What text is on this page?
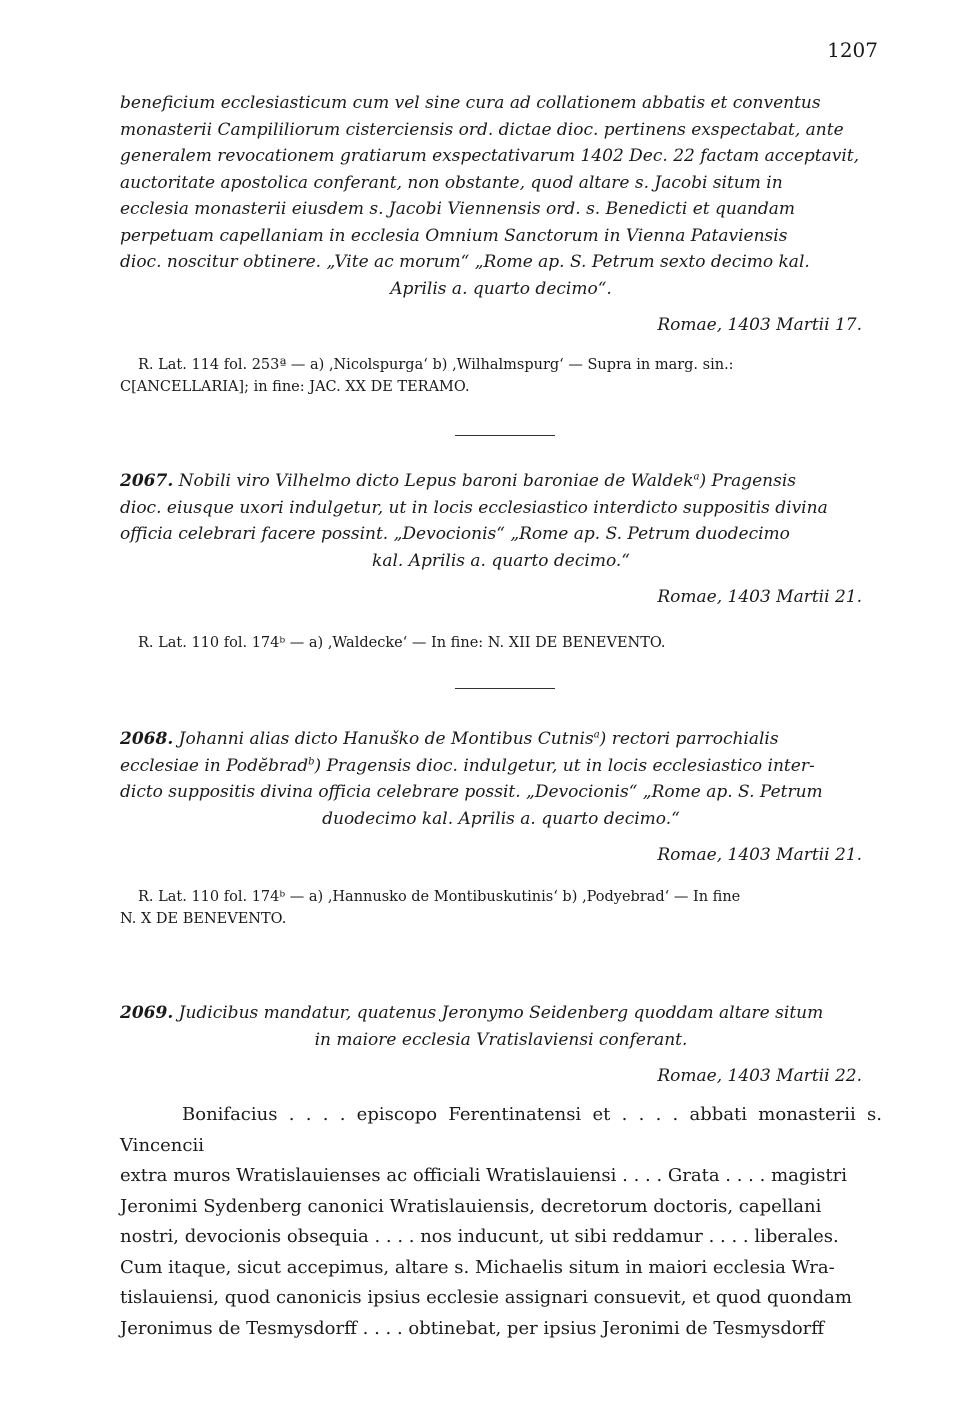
1207
beneficium ecclesiasticum cum vel sine cura ad collationem abbatis et conventus
monasterii Campililiorum cisterciensis ord. dictae dioc. pertinens exspectabat, ante
generalem revocationem gratiarum exspectativarum 1402 Dec. 22 factam acceptavit,
auctoritate apostolica conferant, non obstante, quod altare s. Jacobi situm in
ecclesia monasterii eiusdem s. Jacobi Viennensis ord. s. Benedicti et quandam
perpetuam capellaniam in ecclesia Omnium Sanctorum in Vienna Pataviensis
dioc. noscitur obtinere. „Vite ac morum“ „Rome ap. S. Petrum sexto decimo kal.
Aprilis a. quarto decimo“.
Romae, 1403 Martii 17.
R. Lat. 114 fol. 253ª — a) ‚Nicolspurga‘ b) ‚Wilhalmspurg‘ — Supra in marg. sin.:
C[ANCELLARIA]; in fine: JAC. XX DE TERAMO.
2067. Nobili viro Vilhelmo dicto Lepus baroni baroniae de Waldek$^a$) Pragensis
dioc. eiusque uxori indulgetur, ut in locis ecclesiastico interdicto suppositis divina
officia celebrari facere possint. „Devocionis“ „Rome ap. S. Petrum duodecimo
kal. Aprilis a. quarto decimo.“
Romae, 1403 Martii 21.
R. Lat. 110 fol. 174ᵇ — a) ‚Waldecke‘ — In fine: N. XII DE BENEVENTO.
2068. Johanni alias dicto Hanuško de Montibus Cutnis$^a$) rectori parrochialis
ecclesiae in Podĕbrad$^b$) Pragensis dioc. indulgetur, ut in locis ecclesiastico inter-
dicto suppositis divina officia celebrare possit. „Devocionis“ „Rome ap. S. Petrum
duodecimo kal. Aprilis a. quarto decimo.“
Romae, 1403 Martii 21.
R. Lat. 110 fol. 174ᵇ — a) ‚Hannusko de Montibuskutinis‘ b) ‚Podyebrad‘ — In fine
N. X DE BENEVENTO.
2069. Judicibus mandatur, quatenus Jeronymo Seidenberg quoddam altare situm
in maiore ecclesia Vratislaviensi conferant.
Romae, 1403 Martii 22.
Bonifacius . . . . episcopo Ferentinatensi et . . . . abbati monasterii s. Vincencii
extra muros Wratislauienses ac officiali Wratislauiensi . . . . Grata . . . . magistri
Jeronimi Sydenberg canonici Wratislauiensis, decretorum doctoris, capellani
nostri, devocionis obsequia . . . . nos inducunt, ut sibi reddamur . . . . liberales.
Cum itaque, sicut accepimus, altare s. Michaelis situm in maiori ecclesia Wra-
tislauiensi, quod canonicis ipsius ecclesie assignari consuevit, et quod quondam
Jeronimus de Tesmysdorff . . . . obtinebat, per ipsius Jeronimi de Tesmysdorff
